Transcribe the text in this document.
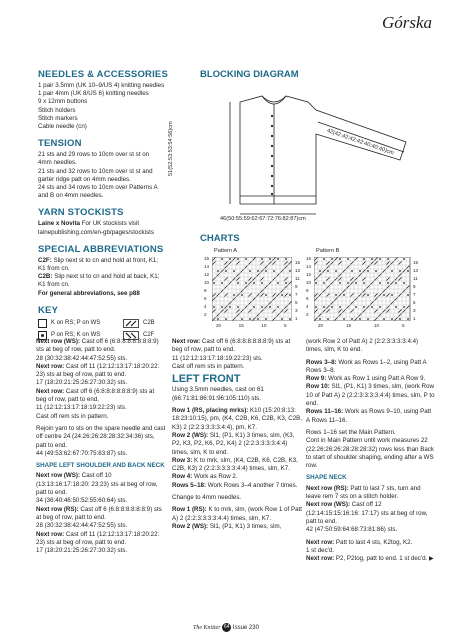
Górska
NEEDLES & ACCESSORIES
1 pair 3.5mm (UK 10–9/US 4) knitting needles
1 pair 4mm (UK 8/US 6) knitting needles
9 x 12mm buttons
Stitch holders
Stitch markers
Cable needle (cn)
TENSION
21 sts and 29 rows to 10cm over st st on
4mm needles.
21 sts and 32 rows to 10cm over st st and
garter ridge patt on 4mm needles.
24 sts and 34 rows to 10cm over Patterns A
and B on 4mm needles.
YARN STOCKISTS
Laine x Novita For UK stockists visit
lainepublishing.com/en-gb/pages/stockists
SPECIAL ABBREVIATIONS
C2F: Slip next st to cn and hold at front, K1;
K1 from cn.
C2B: Slip next st to cn and hold at back, K1;
K1 from cn.
For general abbreviations, see p88
KEY
K on RS; P on WS	C2B
P on RS; K on WS	C2F
BLOCKING DIAGRAM
51(52:53:53:54:56)cm	42(42:42:42:42:40:40:40)cm
46(50:55:59:62:67:72:76:82:87)cm
CHARTS
Pattern A	Pattern B
16
14
12
10
8
6
4
2
15
13
11
9
7
5
3
1
20	15	10	5
16
14
12
10
8
6
4
2
15
13
11
9
7
5
3
1
20	15	10	5

Next row (WS): Cast off 6 (6:8:8:8:8:8:8:8:9) sts at beg of row, patt to end.
28 (30:32:38:42:44:47:52:55) sts.
Next row: Cast off 11 (12:12:13:17:18:20:22: 23) sts at beg of row, patt to end.
17 (18:20:21:25:26:27:30:32) sts.
Next row: Cast off 6 (6:8:8:8:8:8:8:9) sts at beg of row, patt to end.
11 (12:12:13:17:18:19:22:23) sts.
Cast off rem sts in pattern.

Rejoin yarn to sts on the spare needle and cast off centre 24 (24:26:26:28:28:32:34:36) sts, patt to end.
44 (49:53:62:67:70:75:83:87) sts.

SHAPE LEFT SHOULDER AND BACK NECK

Next row (WS): Cast off 10 (13:13:16:17:18:20: 23:23) sts at beg of row, patt to end.
34 (36:40:46:50:52:55:60:64) sts.
Next row (RS): Cast off 6 (6:8:8:8:8:8:8:9) sts at beg of row, patt to end.
28 (30:32:38:42:44:47:52:55) sts.
Next row: Cast off 11 (12:12:13:17:18:20:22: 23) sts at beg of row, patt to end.
17 (18:20:21:25:26:27:30:32) sts.

Next row: Cast off 6 (6:8:8:8:8:8:8:9) sts at beg of row, patt to end.
11 (12:12:13:17:18:19:22:23) sts.
Cast off rem sts in pattern.

LEFT FRONT

Using 3.5mm needles, cast on 61 (66:71:81:86:91:96:105:110) sts.

Row 1 (RS, placing mrks): K10 (15:20:8:13: 18:23:10:15), pm, (K4, C2B, K6, C2B, K3, C2B, K3) 2 (2:2:3:3:3:3:4:4), pm, K7.
Row 2 (WS): Sl1, (P1, K1) 3 times, slm, (K3, P2, K3, P2, K6, P2, K4) 2 (2:2:3:3:3:3:4:4) times, slm, K to end.
Row 3: K to mrk, slm, (K4, C2B, K6, C2B, K3, C2B, K3) 2 (2:2:3:3:3:3:4:4) times, slm, K7.
Row 4: Work as Row 2.
Rows 5–18: Work Rows 3–4 another 7 times.

Change to 4mm needles.

Row 1 (RS): K to mrk, slm, (work Row 1 of Patt A) 2 (2:2:3:3:3:3:4:4) times, slm, K7.
Row 2 (WS): Sl1, (P1, K1) 3 times, slm,

(work Row 2 of Patt A) 2 (2:2:3:3:3:3:4:4) times, slm, K to end.

Rows 3–8: Work as Rows 1–2, using Patt A Rows 3–8.
Row 9: Work as Row 1 using Patt A Row 9.
Row 10: Sl1, (P1, K1) 3 times, slm, (work Row 10 of Patt A) 2 (2:2:3:3:3:3:4:4) times, slm, P to end.
Rows 11–16: Work as Rows 9–10, using Patt A Rows 11–16.

Rows 1–16 set the Main Pattern.
Cont in Main Pattern until work measures 22 (22:26:26:26:28:28:28:32) rows less than Back to start of shoulder shaping, ending after a WS row.

SHAPE NECK

Next row (RS): Patt to last 7 sts, turn and leave rem 7 sts on a stitch holder.
Next row (WS): Cast off 12 (12:14:15:15:16:16: 17:17) sts at beg of row, patt to end.
42 (47:50:59:64:68:73:81:86) sts.

Next row: Patt to last 4 sts, K2tog, K2.
1 st dec'd.
Next row: P2, P2tog, patt to end. 1 st dec'd. ▶

The Knitter 64 Issue 230
